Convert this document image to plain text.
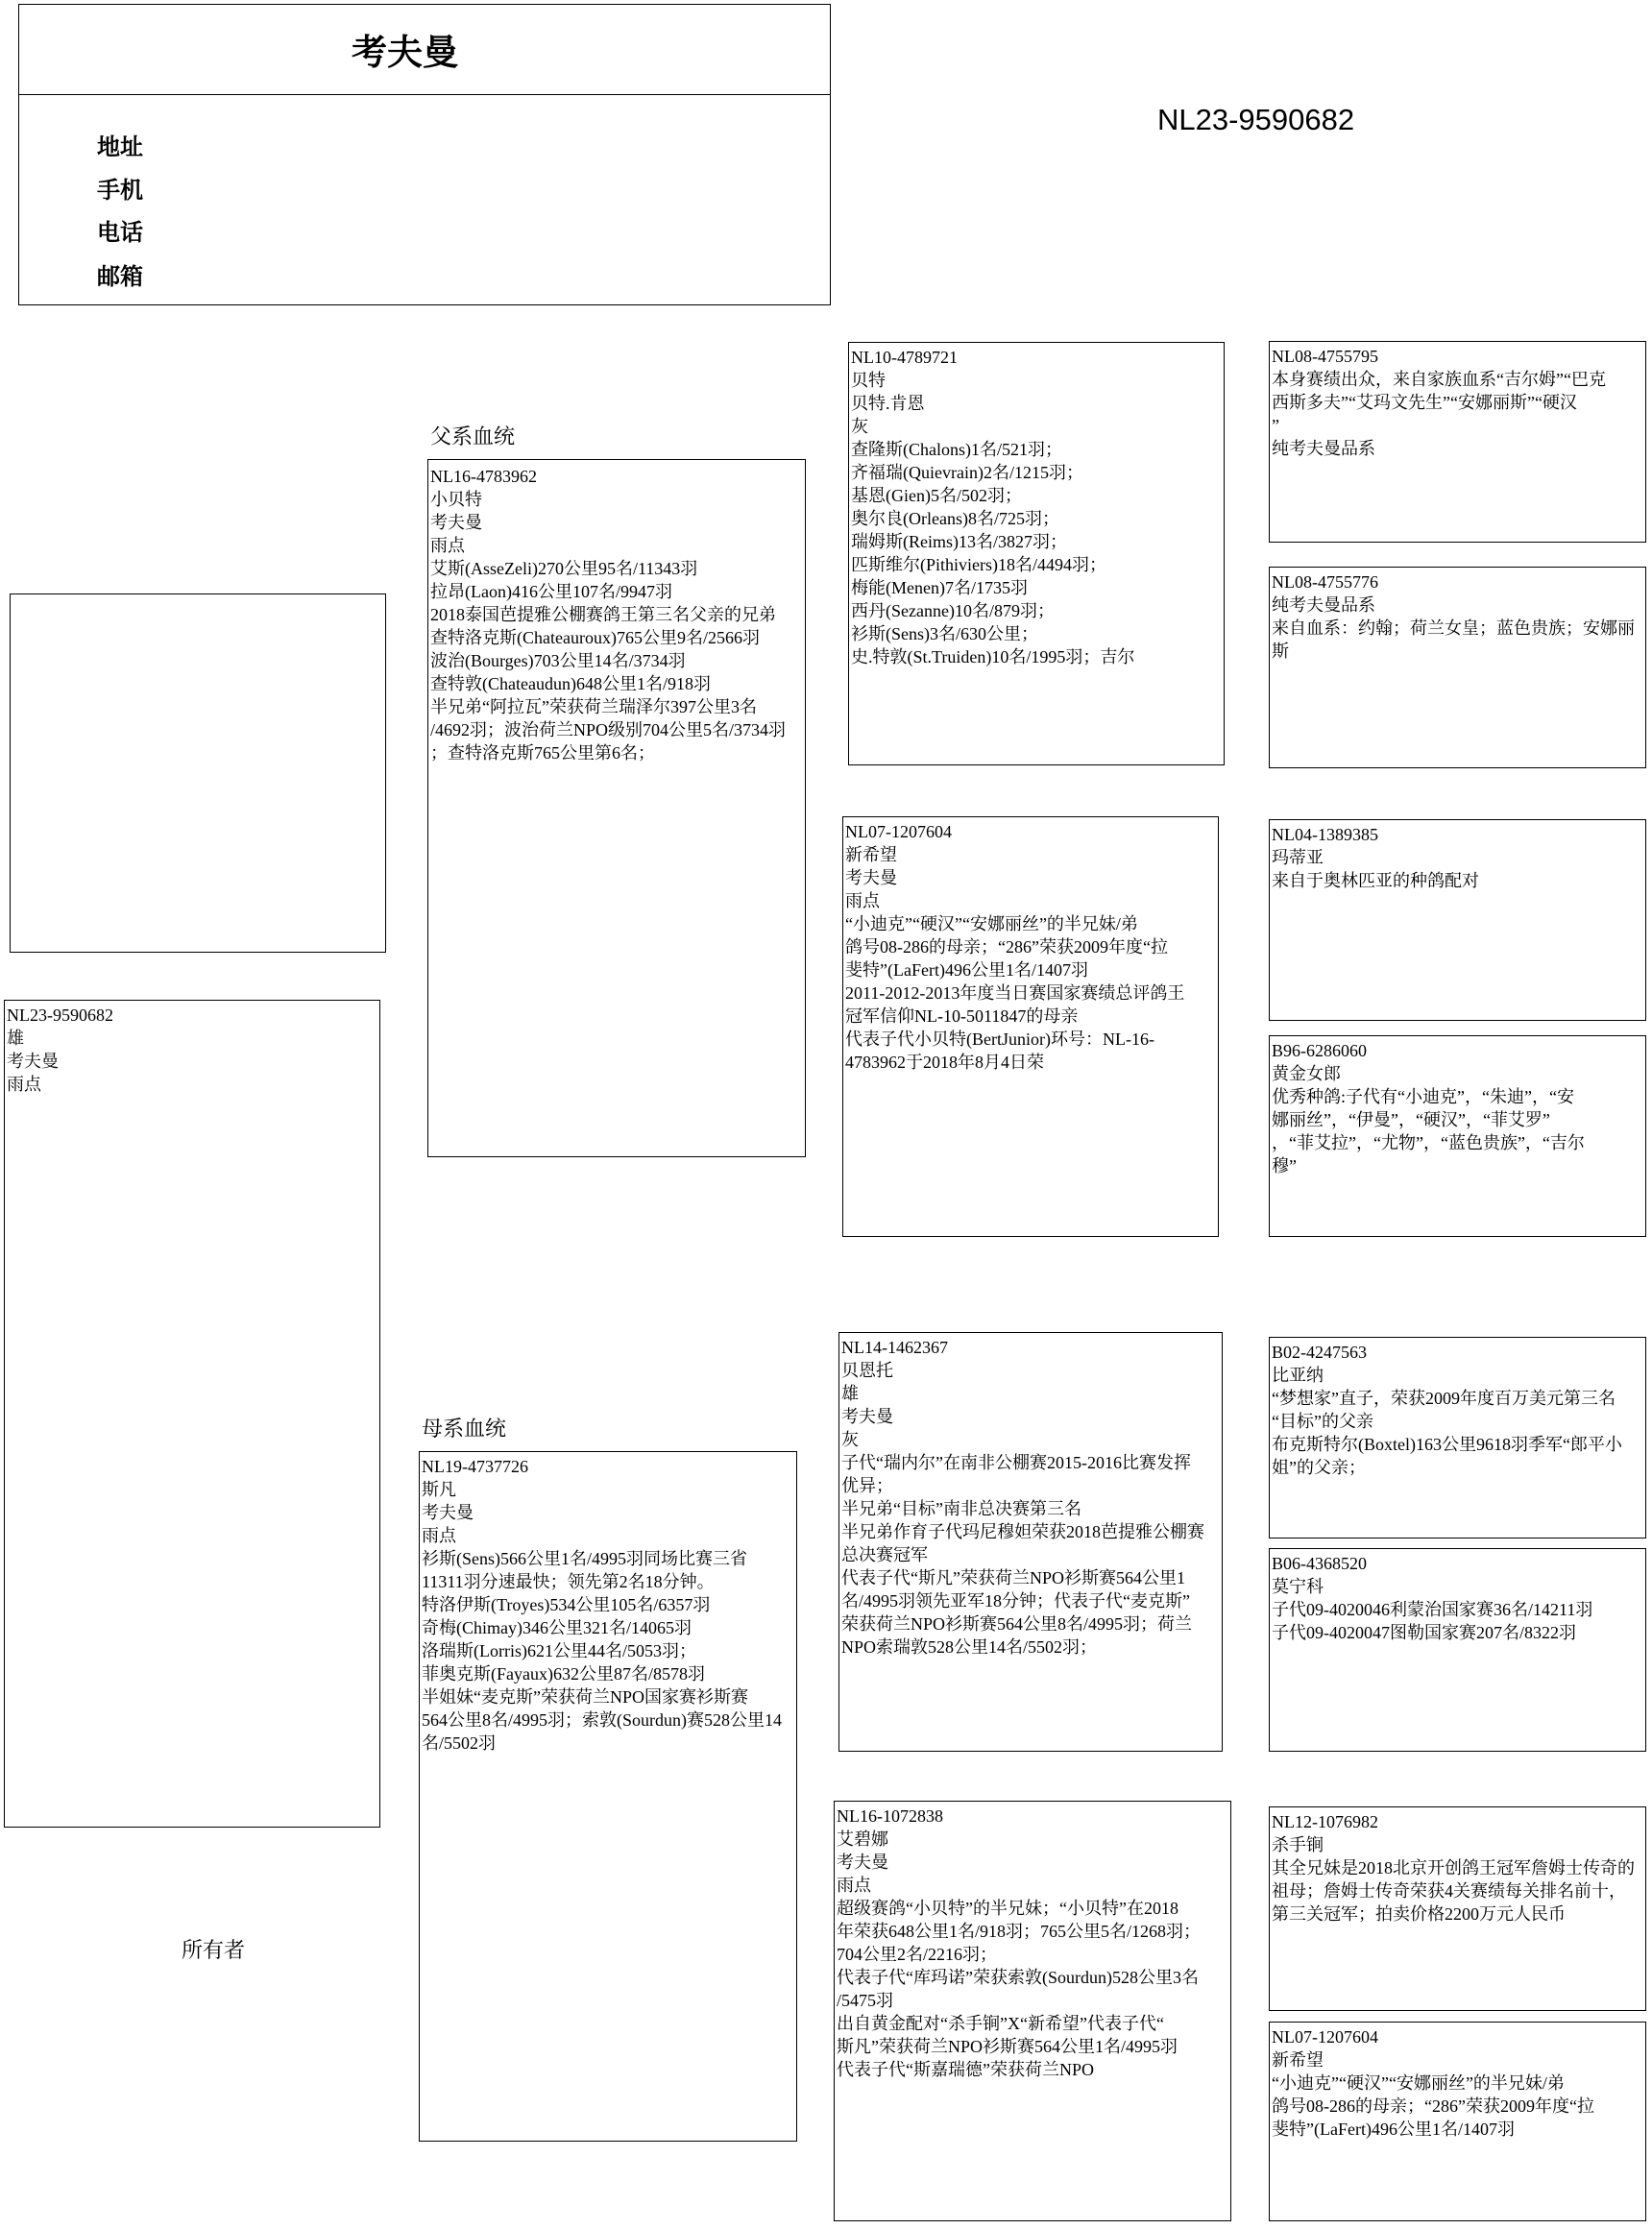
考夫曼
地址
手机
电话
邮箱
NL23-9590682
NL23-9590682
雄
考夫曼
雨点
所有者
父系血统
NL16-4783962
小贝特
考夫曼
雨点
艾斯(AsseZeli)270公里95名/11343羽
拉昂(Laon)416公里107名/9947羽
2018泰国芭提雅公棚赛鸽王第三名父亲的兄弟
查特洛克斯(Chateauroux)765公里9名/2566羽
波治(Bourges)703公里14名/3734羽
查特敦(Chateaudun)648公里1名/918羽
半兄弟“阿拉瓦”荣获荷兰瑞泽尔397公里3名
/4692羽；波治荷兰NPO级别704公里5名/3734羽
；查特洛克斯765公里第6名；
母系血统
NL19-4737726
斯凡
考夫曼
雨点
衫斯(Sens)566公里1名/4995羽同场比赛三省
11311羽分速最快；领先第2名18分钟。
特洛伊斯(Troyes)534公里105名/6357羽
奇梅(Chimay)346公里321名/14065羽
洛瑞斯(Lorris)621公里44名/5053羽；
菲奥克斯(Fayaux)632公里87名/8578羽
半姐妹“麦克斯”荣获荷兰NPO国家赛衫斯赛
564公里8名/4995羽；索敦(Sourdun)赛528公里14
名/5502羽
NL10-4789721
贝特
贝特.肯恩
灰
查隆斯(Chalons)1名/521羽；
齐福瑞(Quievrain)2名/1215羽；
基恩(Gien)5名/502羽；
奥尔良(Orleans)8名/725羽；
瑞姆斯(Reims)13名/3827羽；
匹斯维尔(Pithiviers)18名/4494羽；
梅能(Menen)7名/1735羽
西丹(Sezanne)10名/879羽；
衫斯(Sens)3名/630公里；
史.特敦(St.Truiden)10名/1995羽；吉尔
NL07-1207604
新希望
考夫曼
雨点
“小迪克”“硬汉”“安娜丽丝”的半兄妹/弟
鸽号08-286的母亲；“286”荣获2009年度“拉
斐特”(LaFert)496公里1名/1407羽
2011-2012-2013年度当日赛国家赛绩总评鸽王
冠军信仰NL-10-5011847的母亲
代表子代小贝特(BertJunior)环号：NL-16-
4783962于2018年8月4日荣
NL14-1462367
贝恩托
雄
考夫曼
灰
子代“瑞内尔”在南非公棚赛2015-2016比赛发挥
优异；
半兄弟“目标”南非总决赛第三名
半兄弟作育子代玛尼穆妲荣获2018芭提雅公棚赛
总决赛冠军
代表子代“斯凡”荣获荷兰NPO衫斯赛564公里1
名/4995羽领先亚军18分钟；代表子代“麦克斯”
荣获荷兰NPO衫斯赛564公里8名/4995羽；荷兰
NPO索瑞敦528公里14名/5502羽；
NL16-1072838
艾碧娜
考夫曼
雨点
超级赛鸽“小贝特”的半兄妹；“小贝特”在2018
年荣获648公里1名/918羽；765公里5名/1268羽；
704公里2名/2216羽；
代表子代“库玛诺”荣获索敦(Sourdun)528公里3名
/5475羽
出自黄金配对“杀手锏”X“新希望”代表子代“
斯凡”荣获荷兰NPO衫斯赛564公里1名/4995羽
代表子代“斯嘉瑞德”荣获荷兰NPO
NL08-4755795
本身赛绩出众，来自家族血系“吉尔姆”“巴克
西斯多夫”“艾玛文先生”“安娜丽斯”“硬汉
”
纯考夫曼品系
NL08-4755776
纯考夫曼品系
来自血系：约翰；荷兰女皇；蓝色贵族；安娜丽
斯
NL04-1389385
玛蒂亚
来自于奥林匹亚的种鸽配对
B96-6286060
黄金女郎
优秀种鸽:子代有“小迪克”，“朱迪”，“安
娜丽丝”，“伊曼”，“硬汉”，“菲艾罗”
，“菲艾拉”，“尤物”，“蓝色贵族”，“吉尔
穆”
B02-4247563
比亚纳
“梦想家”直子，荣获2009年度百万美元第三名
“目标”的父亲
布克斯特尔(Boxtel)163公里9618羽季军“郎平小
姐”的父亲；
B06-4368520
莫宁科
子代09-4020046利蒙治国家赛36名/14211羽
子代09-4020047图勒国家赛207名/8322羽
NL12-1076982
杀手锏
其全兄妹是2018北京开创鸽王冠军詹姆士传奇的
祖母；詹姆士传奇荣获4关赛绩每关排名前十，
第三关冠军；拍卖价格2200万元人民币
NL07-1207604
新希望
“小迪克”“硬汉”“安娜丽丝”的半兄妹/弟
鸽号08-286的母亲；“286”荣获2009年度“拉
斐特”(LaFert)496公里1名/1407羽
